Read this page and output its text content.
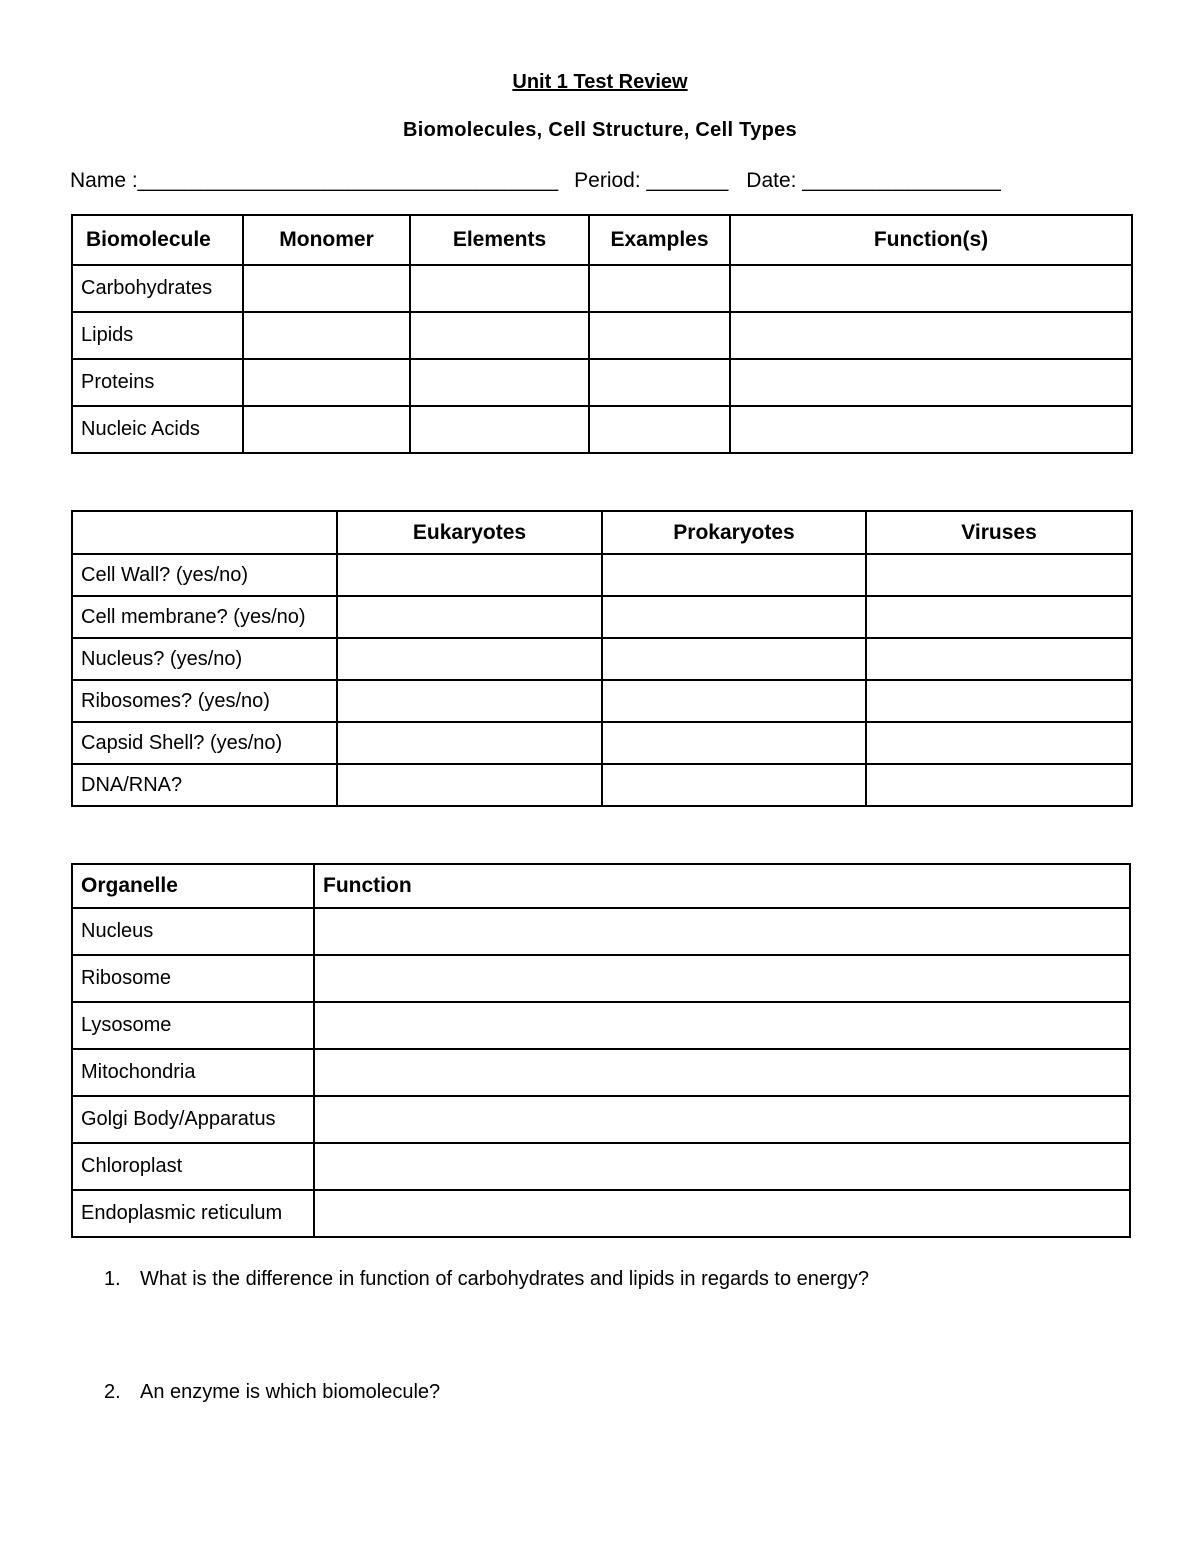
Unit 1 Test Review
Biomolecules, Cell Structure, Cell Types
Name :____________________________________ Period: _______ Date: _________________
Biomolecule	Monomer	Elements	Examples	Function(s)
Carbohydrates				
Lipids				
Proteins				
Nucleic Acids				
	Eukaryotes	Prokaryotes	Viruses
Cell Wall? (yes/no)			
Cell membrane? (yes/no)			
Nucleus? (yes/no)			
Ribosomes? (yes/no)			
Capsid Shell? (yes/no)			
DNA/RNA?			
Organelle	Function
Nucleus	
Ribosome	
Lysosome	
Mitochondria	
Golgi Body/Apparatus	
Chloroplast	
Endoplasmic reticulum	
1. What is the difference in function of carbohydrates and lipids in regards to energy?
2. An enzyme is which biomolecule?
